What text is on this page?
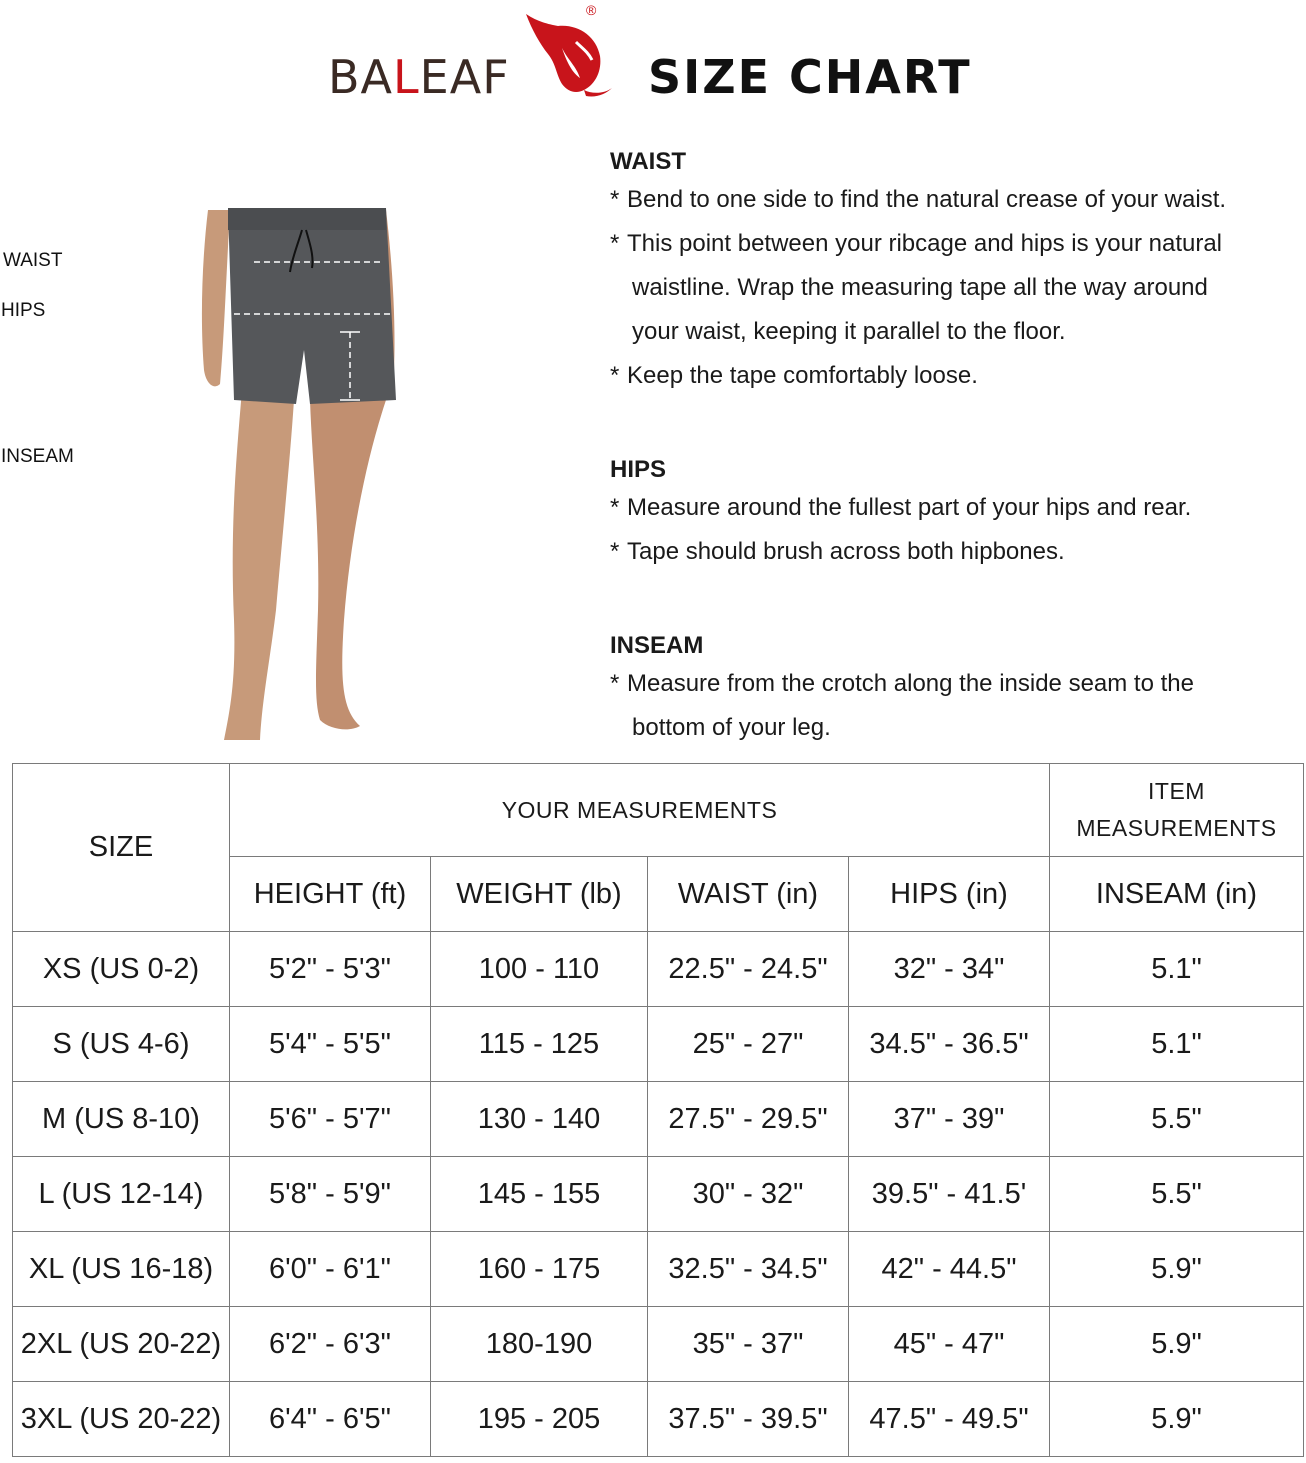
BALEAF
®
SIZE CHART
WAIST
HIPS
INSEAM

WAIST

* Bend to one side to find the natural crease of your waist.

* This point between your ribcage and hips is your natural
waistline. Wrap the measuring tape all the way around
your waist, keeping it parallel to the floor.

* Keep the tape comfortably loose.

HIPS

* Measure around the fullest part of your hips and rear.

* Tape should brush across both hipbones.

INSEAM

* Measure from the crotch along the inside seam to the
bottom of your leg.

SIZE	YOUR MEASUREMENTS				ITEM
MEASUREMENTS
	HEIGHT (ft)	WEIGHT (lb)	WAIST (in)	HIPS (in)	INSEAM (in)
XS (US 0-2)	5'2" - 5'3"	100 - 110	22.5" - 24.5"	32" - 34"	5.1"
S (US 4-6)	5'4" - 5'5"	115 - 125	25" - 27"	34.5" - 36.5"	5.1"
M (US 8-10)	5'6" - 5'7"	130 - 140	27.5" - 29.5"	37" - 39"	5.5"
L (US 12-14)	5'8" - 5'9"	145 - 155	30" - 32"	39.5" - 41.5'	5.5"
XL (US 16-18)	6'0" - 6'1"	160 - 175	32.5" - 34.5"	42" - 44.5"	5.9"
2XL (US 20-22)	6'2" - 6'3"	180-190	35" - 37"	45" - 47"	5.9"
3XL (US 20-22)	6'4" - 6'5"	195 - 205	37.5" - 39.5"	47.5" - 49.5"	5.9"
